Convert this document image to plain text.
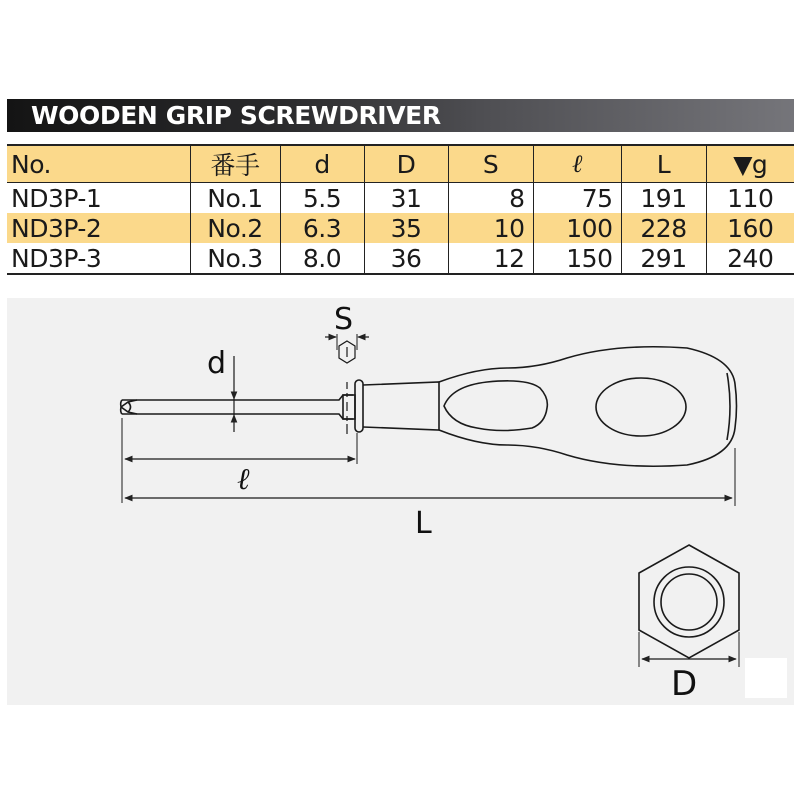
WOODEN GRIP SCREWDRIVER
No.	番手	d	D	S	ℓ	L	▼g
ND3P-1	No.1	5.5	31	8	75	191	110
ND3P-2	No.2	6.3	35	10	100	228	160
ND3P-3	No.3	8.0	36	12	150	291	240
S
d
ℓ
L
D
